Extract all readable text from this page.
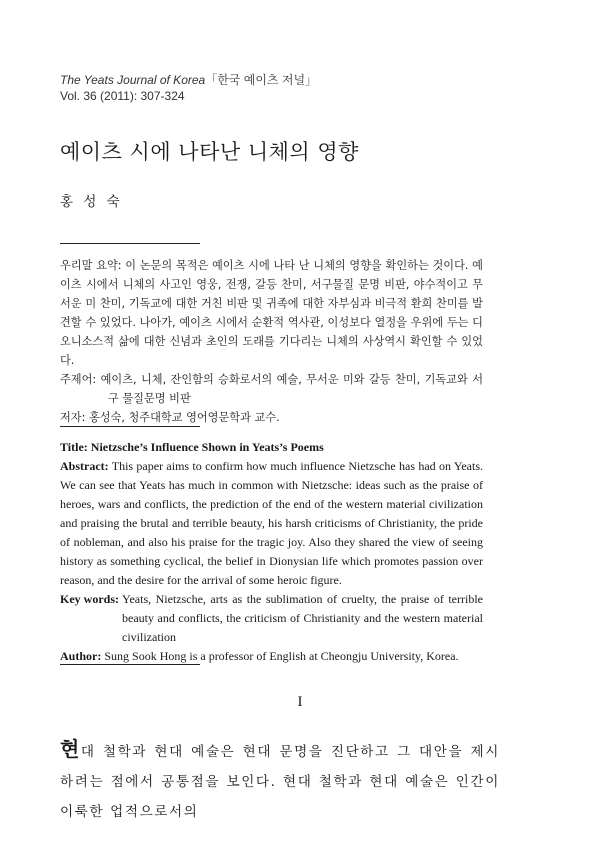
The Yeats Journal of Korea「한국 예이츠 저널」
Vol. 36 (2011): 307-324
예이츠 시에 나타난 니체의 영향
홍 성 숙

우리말 요약: 이 논문의 목적은 예이츠 시에 나타 난 니체의 영향을 확인하는 것이다. 예이츠 시에서 니체의 사고인 영웅, 전쟁, 갈등 찬미, 서구물질 문명 비판, 야수적이고 무서운 미 찬미, 기독교에 대한 거친 비판 및 귀족에 대한 자부심과 비극적 환희 찬미를 발견할 수 있었다. 나아가, 예이츠 시에서 순환적 역사관, 이성보다 열정을 우위에 두는 디오니소스적 삶에 대한 신념과 초인의 도래를 기다리는 니체의 사상역시 확인할 수 있었다.

주제어: 예이츠, 니체, 잔인함의 승화로서의 예술, 무서운 미와 갈등 찬미, 기독교와 서구 물질문명 비판

저자: 홍성숙, 청주대학교 영어영문학과 교수.

Title: Nietzsche’s Influence Shown in Yeats’s Poems

Abstract: This paper aims to confirm how much influence Nietzsche has had on Yeats. We can see that Yeats has much in common with Nietzsche: ideas such as the praise of heroes, wars and conflicts, the prediction of the end of the western material civilization and praising the brutal and terrible beauty, his harsh criticisms of Christianity, the pride of nobleman, and also his praise for the tragic joy. Also they shared the view of seeing history as something cyclical, the belief in Dionysian life which promotes passion over reason, and the desire for the arrival of some heroic figure.

Key words: Yeats, Nietzsche, arts as the sublimation of cruelty, the praise of terrible beauty and conflicts, the criticism of Christianity and the western material civilization

Author: Sung Sook Hong is a professor of English at Cheongju University, Korea.

I

현대 철학과 현대 예술은 현대 문명을 진단하고 그 대안을 제시하려는 점에서 공통점을 보인다. 현대 철학과 현대 예술은 인간이 이룩한 업적으로서의
